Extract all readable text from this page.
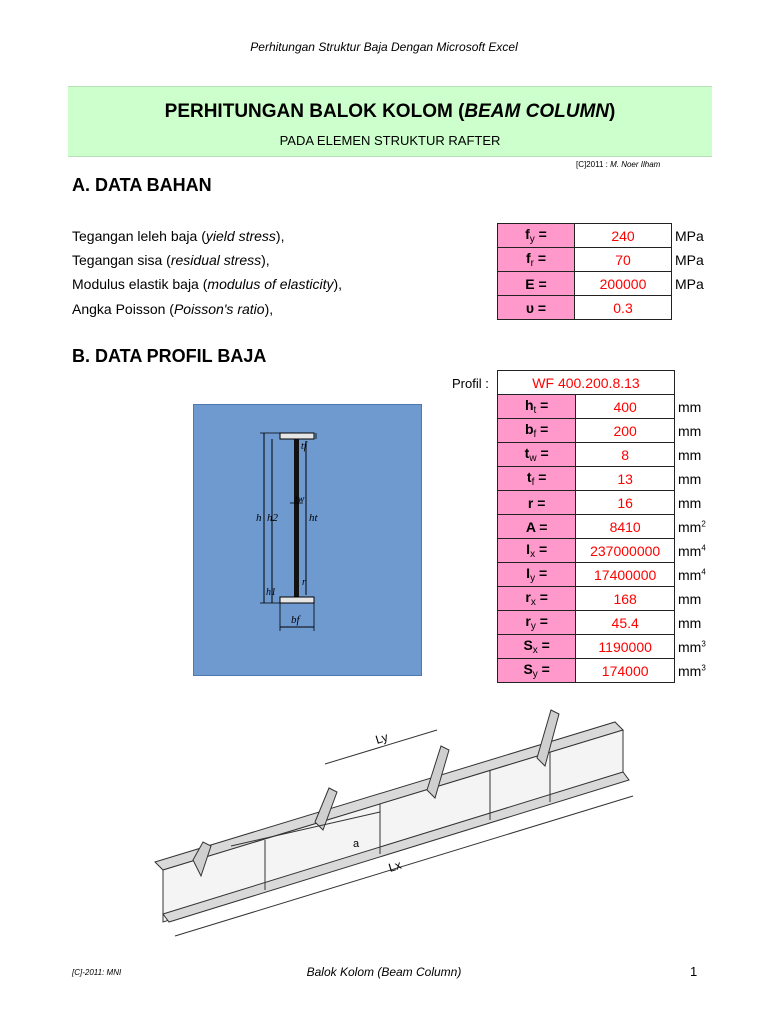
Perhitungan Struktur Baja Dengan Microsoft Excel
PERHITUNGAN BALOK KOLOM (BEAM COLUMN)
PADA ELEMEN STRUKTUR RAFTER
[C]2011 : M. Noer Ilham
A. DATA BAHAN
Tegangan leleh baja (yield stress),
Tegangan sisa (residual stress),
Modulus elastik baja (modulus of elasticity),
Angka Poisson (Poisson's ratio),
$f_y$ =	240	MPa
$f_r$ =	70	MPa
E =	200000	MPa
υ =	0.3	
B. DATA PROFIL BAJA
Profil :	WF 400.200.8.13		
$h_t$ =	400	mm
$b_f$ =	200	mm
$t_w$ =	8	mm
$t_f$ =	13	mm
r =	16	mm
A =	8410	$mm^2$
$I_x$ =	237000000	$mm^4$
$I_y$ =	17400000	$mm^4$
$r_x$ =	168	mm
$r_y$ =	45.4	mm
$S_x$ =	1190000	$mm^3$
$S_y$ =	174000	$mm^3$
tf
tw
h h2	ht
r
h1
bf
Ly
a
Lx
[C]-2011: MNI	Balok Kolom (Beam Column)	1
